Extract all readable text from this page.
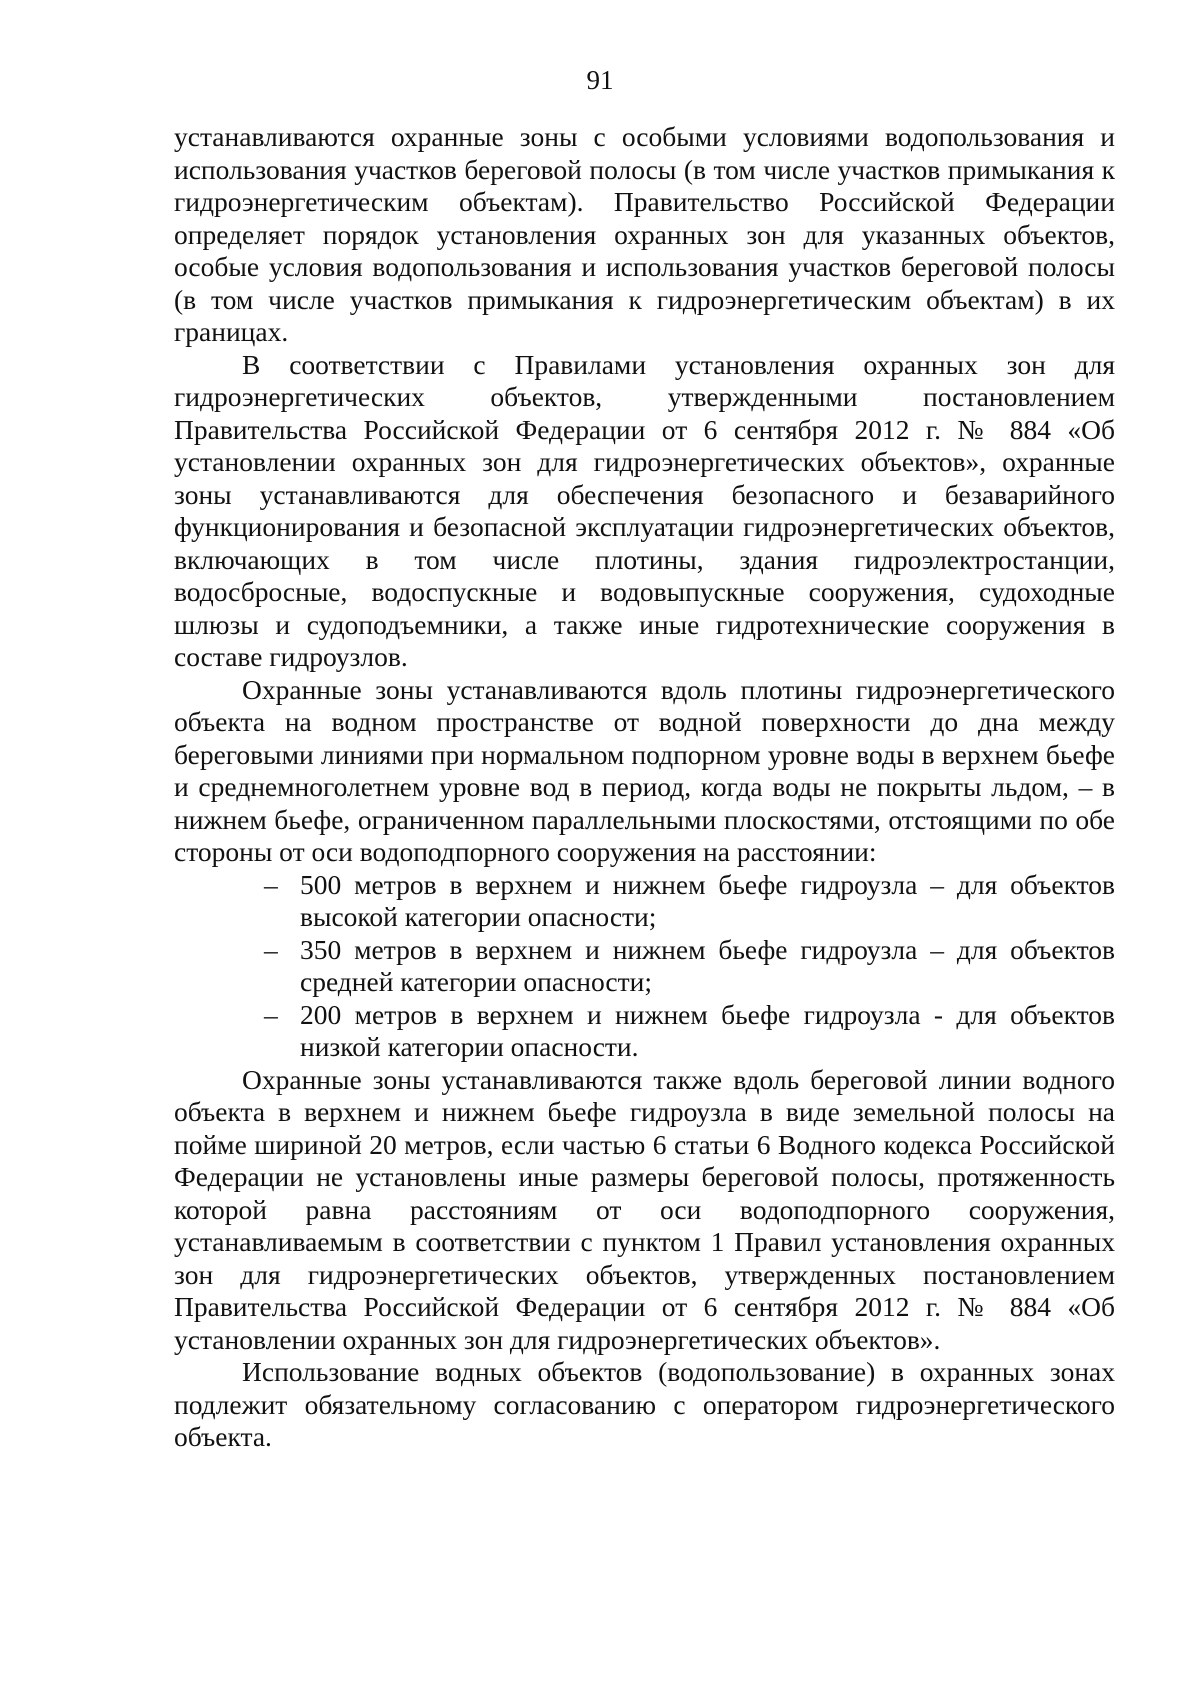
91

устанавливаются охранные зоны с особыми условиями водопользования и использования участков береговой полосы (в том числе участков примыкания к гидроэнергетическим объектам). Правительство Российской Федерации определяет порядок установления охранных зон для указанных объектов, особые условия водопользования и использования участков береговой полосы (в том числе участков примыкания к гидроэнергетическим объектам) в их границах.

В соответствии с Правилами установления охранных зон для гидроэнергетических объектов, утвержденными постановлением Правительства Российской Федерации от 6 сентября 2012 г. № 884 «Об установлении охранных зон для гидроэнергетических объектов», охранные зоны устанавливаются для обеспечения безопасного и безаварийного функционирования и безопасной эксплуатации гидроэнергетических объектов, включающих в том числе плотины, здания гидроэлектростанции, водосбросные, водоспускные и водовыпускные сооружения, судоходные шлюзы и судоподъемники, а также иные гидротехнические сооружения в составе гидроузлов.

Охранные зоны устанавливаются вдоль плотины гидроэнергетического объекта на водном пространстве от водной поверхности до дна между береговыми линиями при нормальном подпорном уровне воды в верхнем бьефе и среднемноголетнем уровне вод в период, когда воды не покрыты льдом, – в нижнем бьефе, ограниченном параллельными плоскостями, отстоящими по обе стороны от оси водоподпорного сооружения на расстоянии:

– 500 метров в верхнем и нижнем бьефе гидроузла – для объектов высокой категории опасности;
– 350 метров в верхнем и нижнем бьефе гидроузла – для объектов средней категории опасности;
– 200 метров в верхнем и нижнем бьефе гидроузла - для объектов низкой категории опасности.

Охранные зоны устанавливаются также вдоль береговой линии водного объекта в верхнем и нижнем бьефе гидроузла в виде земельной полосы на пойме шириной 20 метров, если частью 6 статьи 6 Водного кодекса Российской Федерации не установлены иные размеры береговой полосы, протяженность которой равна расстояниям от оси водоподпорного сооружения, устанавливаемым в соответствии с пунктом 1 Правил установления охранных зон для гидроэнергетических объектов, утвержденных постановлением Правительства Российской Федерации от 6 сентября 2012 г. № 884 «Об установлении охранных зон для гидроэнергетических объектов».

Использование водных объектов (водопользование) в охранных зонах подлежит обязательному согласованию с оператором гидроэнергетического объекта.
